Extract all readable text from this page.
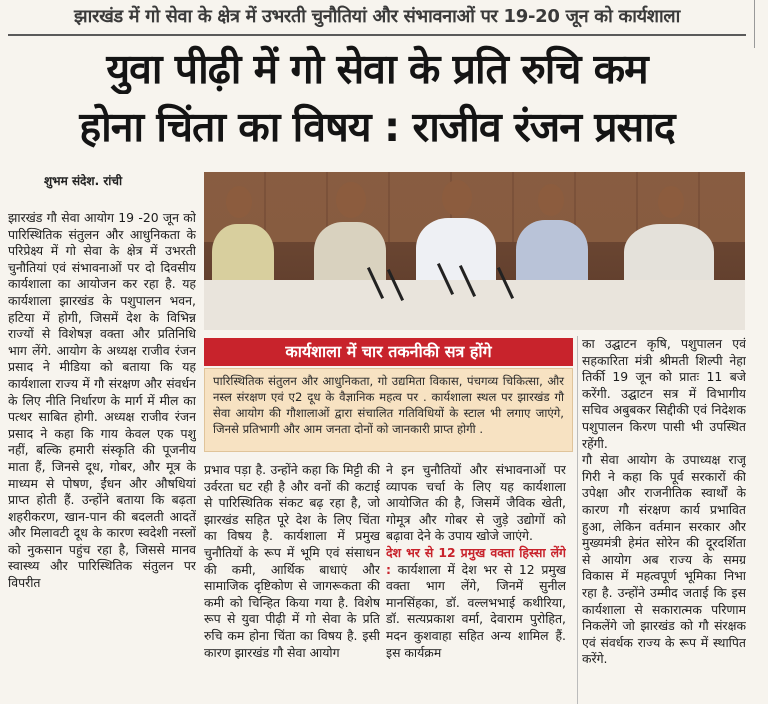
झारखंड में गो सेवा के क्षेत्र में उभरती चुनौतियां और संभावनाओं पर 19-20 जून को कार्यशाला
युवा पीढ़ी में गो सेवा के प्रति रुचि कम
होना चिंता का विषय : राजीव रंजन प्रसाद
शुभम संदेश. रांची

झारखंड गौ सेवा आयोग 19 -20 जून को पारिस्थितिक संतुलन और आधुनिकता के परिप्रेक्ष्य में गो सेवा के क्षेत्र में उभरती चुनौतियां एवं संभावनाओं पर दो दिवसीय कार्यशाला का आयोजन कर रहा है. यह कार्यशाला झारखंड के पशुपालन भवन, हटिया में होगी, जिसमें देश के विभिन्न राज्यों से विशेषज्ञ वक्ता और प्रतिनिधि भाग लेंगे. आयोग के अध्यक्ष राजीव रंजन प्रसाद ने मीडिया को बताया कि यह कार्यशाला राज्य में गौ संरक्षण और संवर्धन के लिए नीति निर्धारण के मार्ग में मील का पत्थर साबित होगी. अध्यक्ष राजीव रंजन प्रसाद ने कहा कि गाय केवल एक पशु नहीं, बल्कि हमारी संस्कृति की पूजनीय माता हैं, जिनसे दूध, गोबर, और मूत्र के माध्यम से पोषण, ईंधन और औषधियां प्राप्त होती हैं. उन्होंने बताया कि बढ़ता शहरीकरण, खान-पान की बदलती आदतें और मिलावटी दूध के कारण स्वदेशी नस्लों को नुकसान पहुंच रहा है, जिससे मानव स्वास्थ्य और पारिस्थितिक संतुलन पर विपरीत

कार्यशाला में चार तकनीकी सत्र होंगे
पारिस्थितिक संतुलन और आधुनिकता, गो उद्यमिता विकास, पंचगव्य चिकित्सा, और नस्ल संरक्षण एवं ए2 दूध के वैज्ञानिक महत्व पर . कार्यशाला स्थल पर झारखंड गौ सेवा आयोग की गौशालाओं द्वारा संचालित गतिविधियों के स्टाल भी लगाए जाएंगे, जिनसे प्रतिभागी और आम जनता दोनों को जानकारी प्राप्त होगी .

प्रभाव पड़ा है. उन्होंने कहा कि मिट्टी की उर्वरता घट रही है और वनों की कटाई से पारिस्थितिक संकट बढ़ रहा है, जो झारखंड सहित पूरे देश के लिए चिंता का विषय है. कार्यशाला में प्रमुख चुनौतियों के रूप में भूमि एवं संसाधन की कमी, आर्थिक बाधाएं और सामाजिक दृष्टिकोण से जागरूकता की कमी को चिन्हित किया गया है. विशेष रूप से युवा पीढ़ी में गो सेवा के प्रति रुचि कम होना चिंता का विषय है. इसी कारण झारखंड गौ सेवा आयोग

ने इन चुनौतियों और संभावनाओं पर व्यापक चर्चा के लिए यह कार्यशाला आयोजित की है, जिसमें जैविक खेती, गोमूत्र और गोबर से जुड़े उद्योगों को बढ़ावा देने के उपाय खोजे जाएंगे.

देश भर से 12 प्रमुख वक्ता हिस्सा लेंगे : कार्यशाला में देश भर से 12 प्रमुख वक्ता भाग लेंगे, जिनमें सुनील मानसिंहका, डॉ. वल्लभभाई कथीरिया, डॉ. सत्यप्रकाश वर्मा, देवाराम पुरोहित, मदन कुशवाहा सहित अन्य शामिल हैं. इस कार्यक्रम

का उद्घाटन कृषि, पशुपालन एवं सहकारिता मंत्री श्रीमती शिल्पी नेहा तिर्की 19 जून को प्रातः 11 बजे करेंगी. उद्घाटन सत्र में विभागीय सचिव अबुबकर सिद्दीकी एवं निदेशक पशुपालन किरण पासी भी उपस्थित रहेंगी.

गौ सेवा आयोग के उपाध्यक्ष राजू गिरी ने कहा कि पूर्व सरकारों की उपेक्षा और राजनीतिक स्वार्थों के कारण गौ संरक्षण कार्य प्रभावित हुआ, लेकिन वर्तमान सरकार और मुख्यमंत्री हेमंत सोरेन की दूरदर्शिता से आयोग अब राज्य के समग्र विकास में महत्वपूर्ण भूमिका निभा रहा है. उन्होंने उम्मीद जताई कि इस कार्यशाला से सकारात्मक परिणाम निकलेंगे जो झारखंड को गौ संरक्षक एवं संवर्धक राज्य के रूप में स्थापित करेंगे.
